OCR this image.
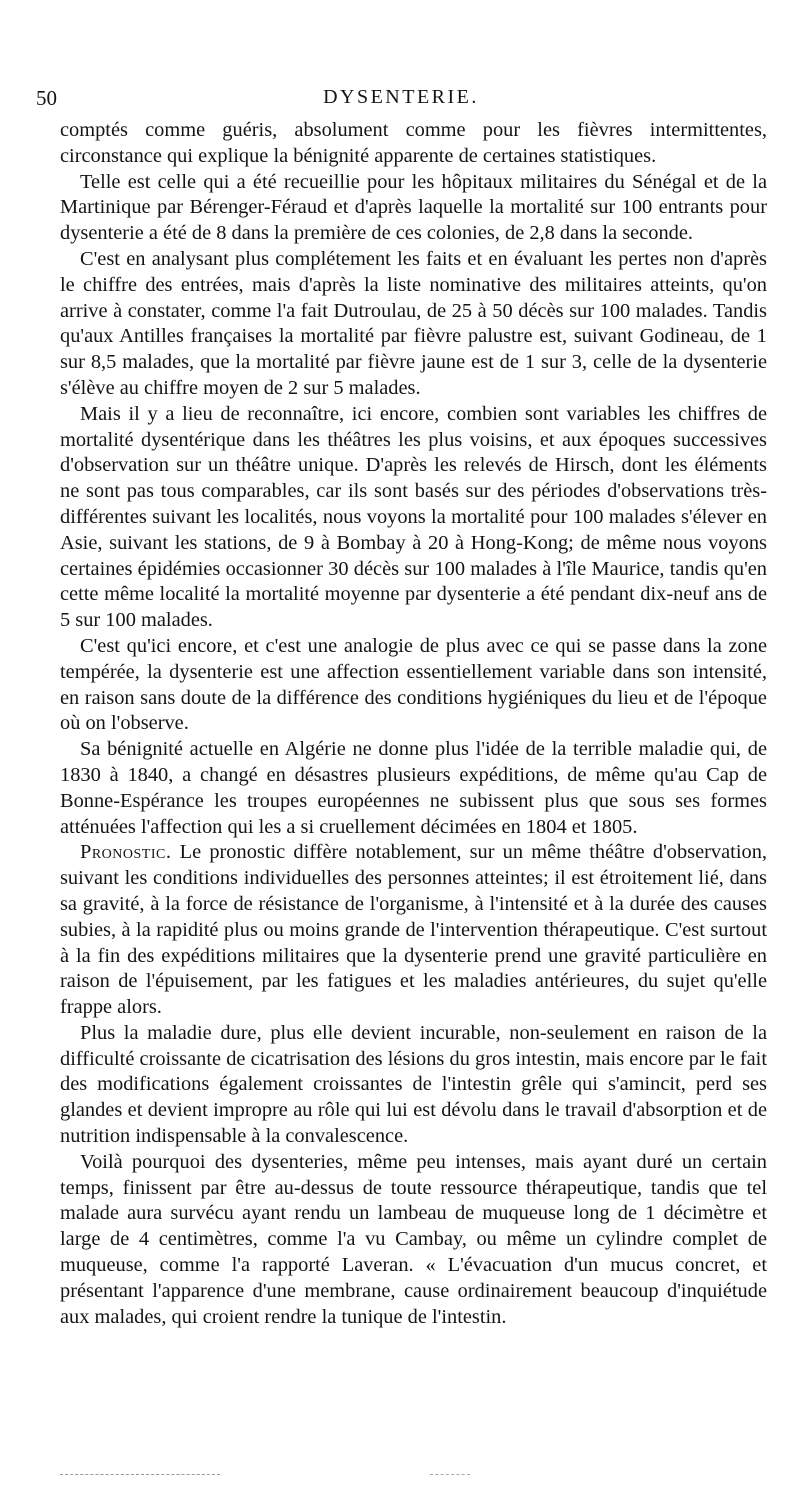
50	DYSENTERIE.

comptés comme guéris, absolument comme pour les fièvres intermittentes, circonstance qui explique la bénignité apparente de certaines statistiques.

Telle est celle qui a été recueillie pour les hôpitaux militaires du Sénégal et de la Martinique par Bérenger-Féraud et d'après laquelle la mortalité sur 100 entrants pour dysenterie a été de 8 dans la première de ces colonies, de 2,8 dans la seconde.

C'est en analysant plus complétement les faits et en évaluant les pertes non d'après le chiffre des entrées, mais d'après la liste nominative des militaires atteints, qu'on arrive à constater, comme l'a fait Dutroulau, de 25 à 50 décès sur 100 malades. Tandis qu'aux Antilles françaises la mortalité par fièvre palustre est, suivant Godineau, de 1 sur 8,5 malades, que la mortalité par fièvre jaune est de 1 sur 3, celle de la dysenterie s'élève au chiffre moyen de 2 sur 5 malades.

Mais il y a lieu de reconnaître, ici encore, combien sont variables les chiffres de mortalité dysentérique dans les théâtres les plus voisins, et aux époques successives d'observation sur un théâtre unique. D'après les relevés de Hirsch, dont les éléments ne sont pas tous comparables, car ils sont basés sur des périodes d'observations très-différentes suivant les localités, nous voyons la mortalité pour 100 malades s'élever en Asie, suivant les stations, de 9 à Bombay à 20 à Hong-Kong; de même nous voyons certaines épidémies occasionner 30 décès sur 100 malades à l'île Maurice, tandis qu'en cette même localité la mortalité moyenne par dysenterie a été pendant dix-neuf ans de 5 sur 100 malades.

C'est qu'ici encore, et c'est une analogie de plus avec ce qui se passe dans la zone tempérée, la dysenterie est une affection essentiellement variable dans son intensité, en raison sans doute de la différence des conditions hygiéniques du lieu et de l'époque où on l'observe.

Sa bénignité actuelle en Algérie ne donne plus l'idée de la terrible maladie qui, de 1830 à 1840, a changé en désastres plusieurs expéditions, de même qu'au Cap de Bonne-Espérance les troupes européennes ne subissent plus que sous ses formes atténuées l'affection qui les a si cruellement décimées en 1804 et 1805.

Pronostic. Le pronostic diffère notablement, sur un même théâtre d'observation, suivant les conditions individuelles des personnes atteintes; il est étroitement lié, dans sa gravité, à la force de résistance de l'organisme, à l'intensité et à la durée des causes subies, à la rapidité plus ou moins grande de l'intervention thérapeutique. C'est surtout à la fin des expéditions militaires que la dysenterie prend une gravité particulière en raison de l'épuisement, par les fatigues et les maladies antérieures, du sujet qu'elle frappe alors.

Plus la maladie dure, plus elle devient incurable, non-seulement en raison de la difficulté croissante de cicatrisation des lésions du gros intestin, mais encore par le fait des modifications également croissantes de l'intestin grêle qui s'amincit, perd ses glandes et devient impropre au rôle qui lui est dévolu dans le travail d'absorption et de nutrition indispensable à la convalescence.

Voilà pourquoi des dysenteries, même peu intenses, mais ayant duré un certain temps, finissent par être au-dessus de toute ressource thérapeutique, tandis que tel malade aura survécu ayant rendu un lambeau de muqueuse long de 1 décimètre et large de 4 centimètres, comme l'a vu Cambay, ou même un cylindre complet de muqueuse, comme l'a rapporté Laveran. « L'évacuation d'un mucus concret, et présentant l'apparence d'une membrane, cause ordinairement beaucoup d'inquiétude aux malades, qui croient rendre la tunique de l'intestin.
